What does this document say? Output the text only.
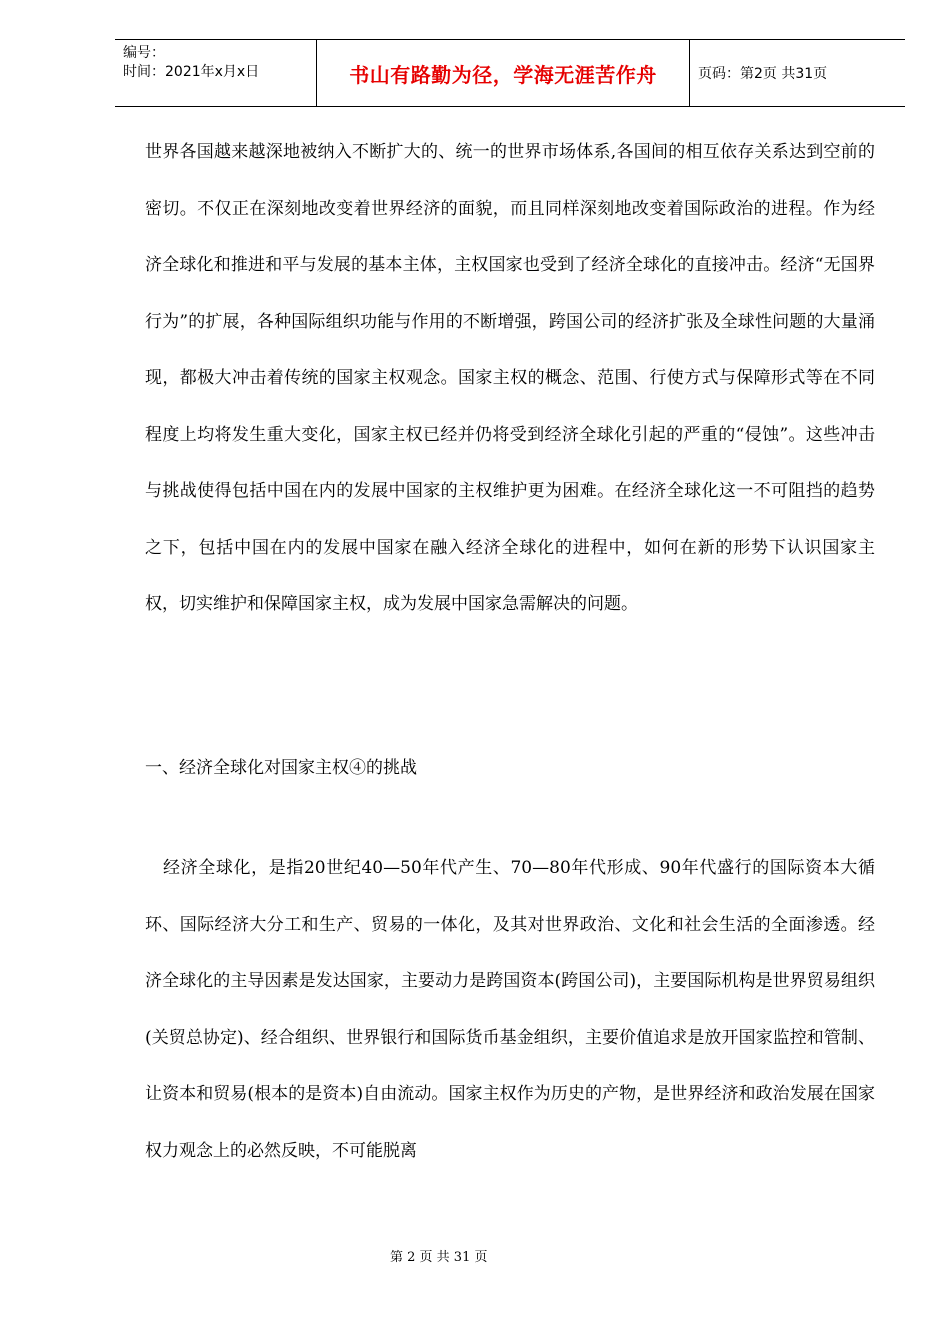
编号：
时间：2021年x月x日	书山有路勤为径，学海无涯苦作舟	页码：第2页 共31页

世界各国越来越深地被纳入不断扩大的、统一的世界市场体系,各国间的相互依存关系达到空前的密切。不仅正在深刻地改变着世界经济的面貌，而且同样深刻地改变着国际政治的进程。作为经济全球化和推进和平与发展的基本主体，主权国家也受到了经济全球化的直接冲击。经济“无国界行为”的扩展，各种国际组织功能与作用的不断增强，跨国公司的经济扩张及全球性问题的大量涌现，都极大冲击着传统的国家主权观念。国家主权的概念、范围、行使方式与保障形式等在不同程度上均将发生重大变化，国家主权已经并仍将受到经济全球化引起的严重的“侵蚀”。这些冲击与挑战使得包括中国在内的发展中国家的主权维护更为困难。在经济全球化这一不可阻挡的趋势之下，包括中国在内的发展中国家在融入经济全球化的进程中，如何在新的形势下认识国家主权，切实维护和保障国家主权，成为发展中国家急需解决的问题。

一、经济全球化对国家主权④的挑战
经济全球化，是指20世纪40—50年代产生、70—80年代形成、90年代盛行的国际资本大循环、国际经济大分工和生产、贸易的一体化，及其对世界政治、文化和社会生活的全面渗透。经济全球化的主导因素是发达国家，主要动力是跨国资本(跨国公司)，主要国际机构是世界贸易组织(关贸总协定)、经合组织、世界银行和国际货币基金组织，主要价值追求是放开国家监控和管制、让资本和贸易(根本的是资本)自由流动。国家主权作为历史的产物，是世界经济和政治发展在国家权力观念上的必然反映，不可能脱离
第 2 页 共 31 页
